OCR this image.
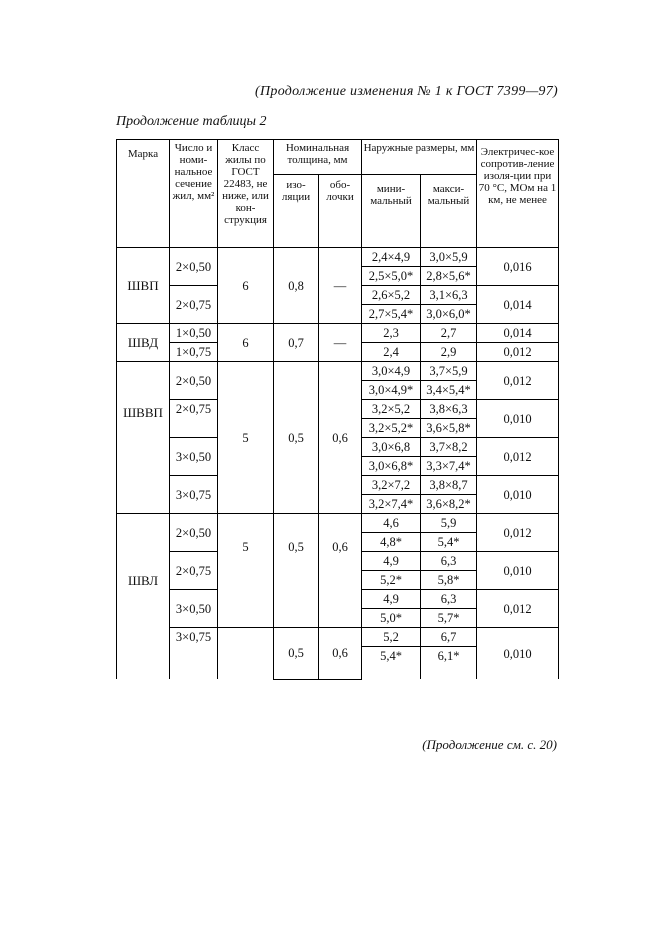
(Продолжение изменения № 1 к ГОСТ 7399—97)
Продолжение таблицы 2
Марка	Число и номи-нальное сечение жил, мм²	Класс жилы по ГОСТ 22483, не ниже, или кон-струкция	Номинальная толщина, мм		Наружные размеры, мм		Электричес-кое сопротив-ление изоля-ции при 70 °С, МОм на 1 км, не менее
			изо-ляции	обо-лочки	мини-мальный	макси-мальный	
ШВП	2×0,50	6	0,8	—	2,4×4,9	3,0×5,9	0,016
					2,5×5,0*	2,8×5,6*	
	2×0,75				2,6×5,2	3,1×6,3	0,014
					2,7×5,4*	3,0×6,0*	
ШВД	1×0,50	6	0,7	—	2,3	2,7	0,014
	1×0,75				2,4	2,9	0,012
ШВВП	2×0,50	5	0,5	0,6	3,0×4,9	3,7×5,9	0,012
					3,0×4,9*	3,4×5,4*	
	2×0,75				3,2×5,2	3,8×6,3	0,010
					3,2×5,2*	3,6×5,8*	
	3×0,50				3,0×6,8	3,7×8,2	0,012
					3,0×6,8*	3,3×7,4*	
	3×0,75				3,2×7,2	3,8×8,7	0,010
					3,2×7,4*	3,6×8,2*	
ШВЛ	2×0,50	5	0,5	0,6	4,6	5,9	0,012
					4,8*	5,4*	
	2×0,75				4,9	6,3	0,010
					5,2*	5,8*	
	3×0,50				4,9	6,3	0,012
					5,0*	5,7*	
	3×0,75		0,5	0,6	5,2	6,7	0,010
					5,4*	6,1*	
(Продолжение см. с. 20)
